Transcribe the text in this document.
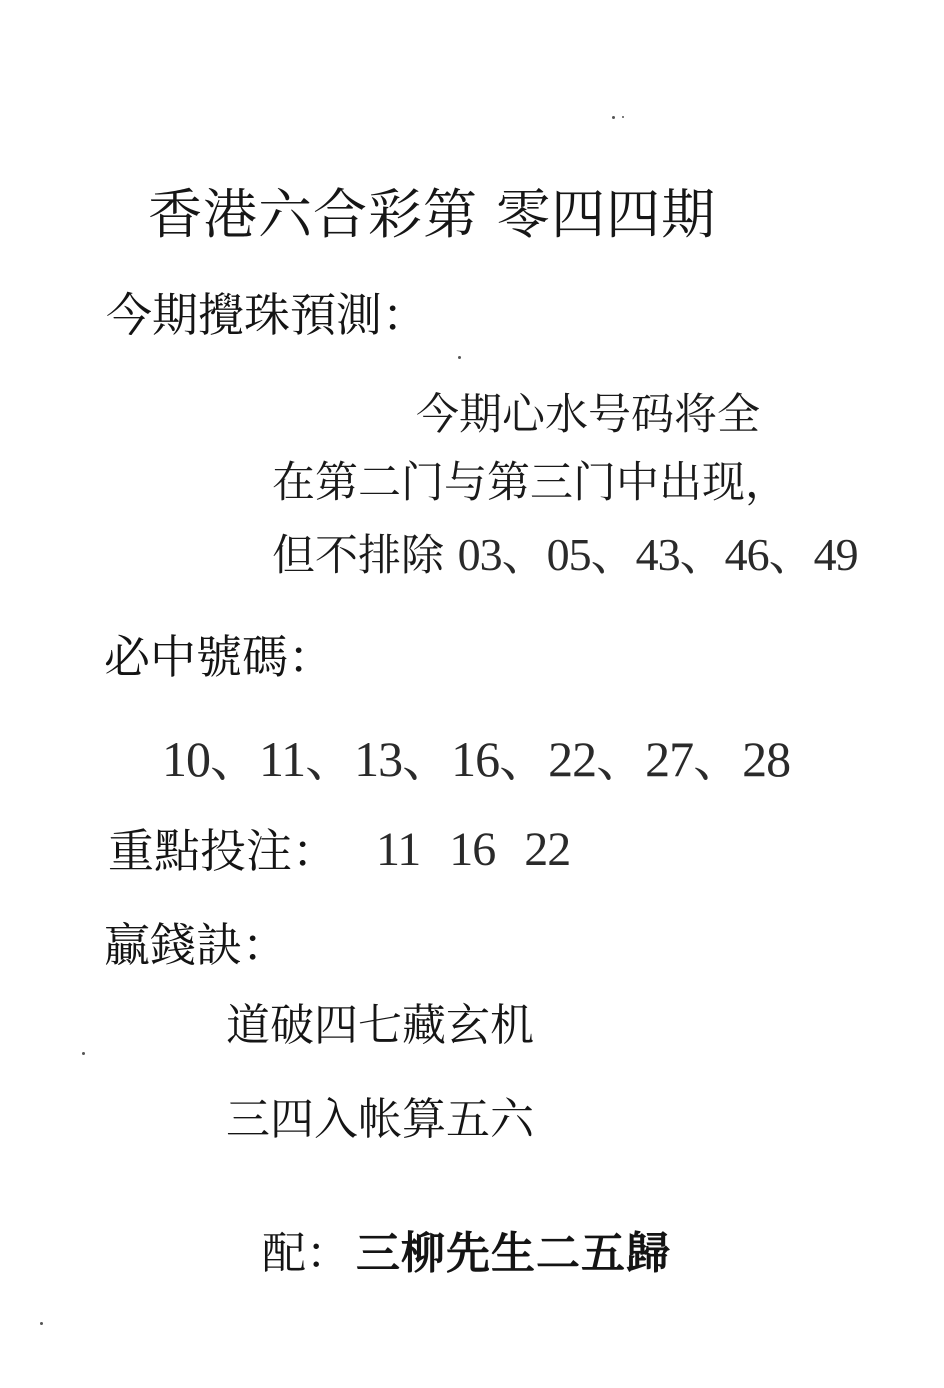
香港六合彩第 零四四期
今期攪珠預測：
今期心水号码将全
在第二门与第三门中出现，
但不排除 03、05、43、46、49
必中號碼：
10、11、13、16、22、27、28
重點投注： 11 16 22
贏錢訣：
道破四七藏玄机
三四入帐算五六
配： 三柳先生二五歸
